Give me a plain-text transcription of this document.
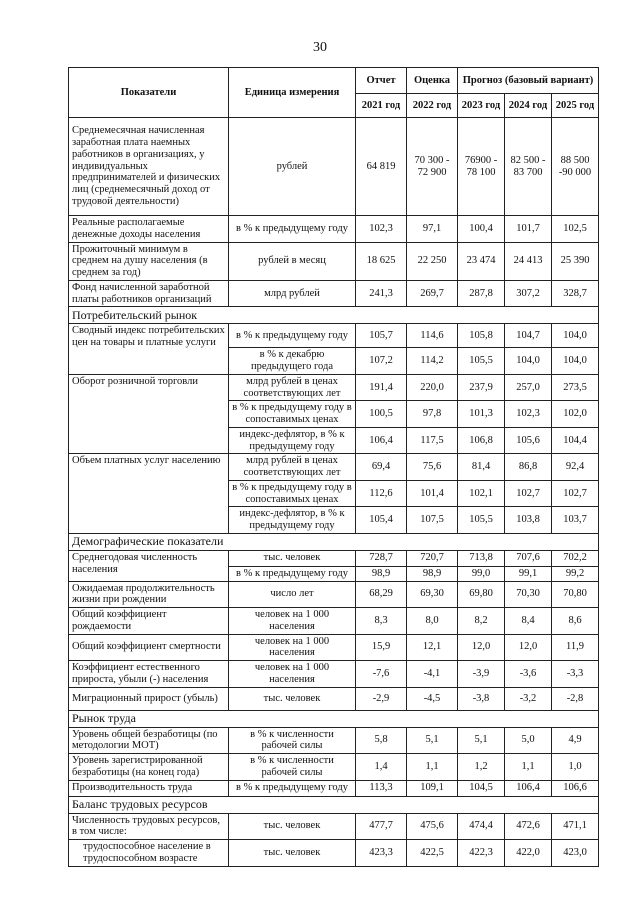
30
Показатели	Единица измерения	Отчет	Оценка	Прогноз (базовый вариант)		
		2021 год	2022 год	2023 год	2024 год	2025 год
Среднемесячная начисленная заработная плата наемных работников в организациях, у индивидуальных предпринимателей и физических лиц (среднемесячный доход от трудовой деятельности)	рублей	64 819	70 300 - 72 900	76900 - 78 100	82 500 - 83 700	88 500 -90 000
Реальные располагаемые денежные доходы населения	в % к предыдущему году	102,3	97,1	100,4	101,7	102,5
Прожиточный минимум в среднем на душу населения (в среднем за год)	рублей в месяц	18 625	22 250	23 474	24 413	25 390
Фонд начисленной заработной платы работников организаций	млрд рублей	241,3	269,7	287,8	307,2	328,7
Потребительский рынок						
Сводный индекс потребительских цен на товары и платные услуги	в % к предыдущему году	105,7	114,6	105,8	104,7	104,0
	в % к декабрю предыдущего года	107,2	114,2	105,5	104,0	104,0
Оборот розничной торговли	млрд рублей в ценах соответствующих лет	191,4	220,0	237,9	257,0	273,5
	в % к предыдущему году в сопоставимых ценах	100,5	97,8	101,3	102,3	102,0
	индекс-дефлятор, в % к предыдущему году	106,4	117,5	106,8	105,6	104,4
Объем платных услуг населению	млрд рублей в ценах соответствующих лет	69,4	75,6	81,4	86,8	92,4
	в % к предыдущему году в сопоставимых ценах	112,6	101,4	102,1	102,7	102,7
	индекс-дефлятор, в % к предыдущему году	105,4	107,5	105,5	103,8	103,7
Демографические показатели						
Среднегодовая численность населения	тыс. человек	728,7	720,7	713,8	707,6	702,2
	в % к предыдущему году	98,9	98,9	99,0	99,1	99,2
Ожидаемая продолжительность жизни при рождении	число лет	68,29	69,30	69,80	70,30	70,80
Общий коэффициент рождаемости	человек на 1 000 населения	8,3	8,0	8,2	8,4	8,6
Общий коэффициент смертности	человек на 1 000 населения	15,9	12,1	12,0	12,0	11,9
Коэффициент естественного прироста, убыли (-) населения	человек на 1 000 населения	-7,6	-4,1	-3,9	-3,6	-3,3
Миграционный прирост (убыль)	тыс. человек	-2,9	-4,5	-3,8	-3,2	-2,8
Рынок труда						
Уровень общей безработицы (по методологии МОТ)	в % к численности рабочей силы	5,8	5,1	5,1	5,0	4,9
Уровень зарегистрированной безработицы (на конец года)	в % к численности рабочей силы	1,4	1,1	1,2	1,1	1,0
Производительность труда	в % к предыдущему году	113,3	109,1	104,5	106,4	106,6
Баланс трудовых ресурсов						
Численность трудовых ресурсов, в том числе:	тыс. человек	477,7	475,6	474,4	472,6	471,1
трудоспособное население в трудоспособном возрасте	тыс. человек	423,3	422,5	422,3	422,0	423,0
